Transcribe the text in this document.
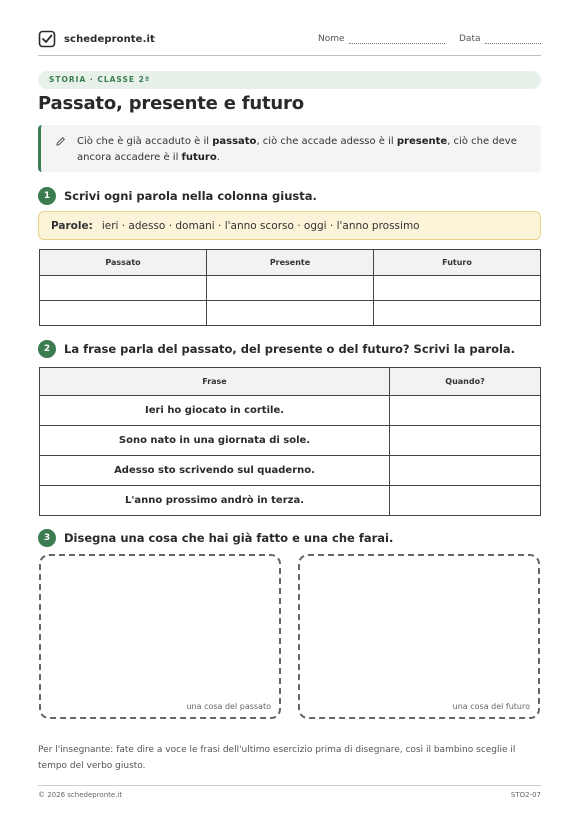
schedepronte.it	Nome	Data
STORIA · CLASSE 2ª
Passato, presente e futuro
Ciò che è già accaduto è il passato, ciò che accade adesso è il presente, ciò che deve ancora accadere è il futuro.
1	Scrivi ogni parola nella colonna giusta.
Parole: ieri · adesso · domani · l'anno scorso · oggi · l'anno prossimo
Passato	Presente	Futuro

2	La frase parla del passato, del presente o del futuro? Scrivi la parola.
Frase	Quando?
Ieri ho giocato in cortile.	
Sono nato in una giornata di sole.	
Adesso sto scrivendo sul quaderno.	
L'anno prossimo andrò in terza.	
3	Disegna una cosa che hai già fatto e una che farai.
una cosa del passato	una cosa del futuro
Per l'insegnante: fate dire a voce le frasi dell'ultimo esercizio prima di disegnare, così il bambino sceglie il tempo del verbo giusto.
© 2026 schedepronte.it	STO2-07
